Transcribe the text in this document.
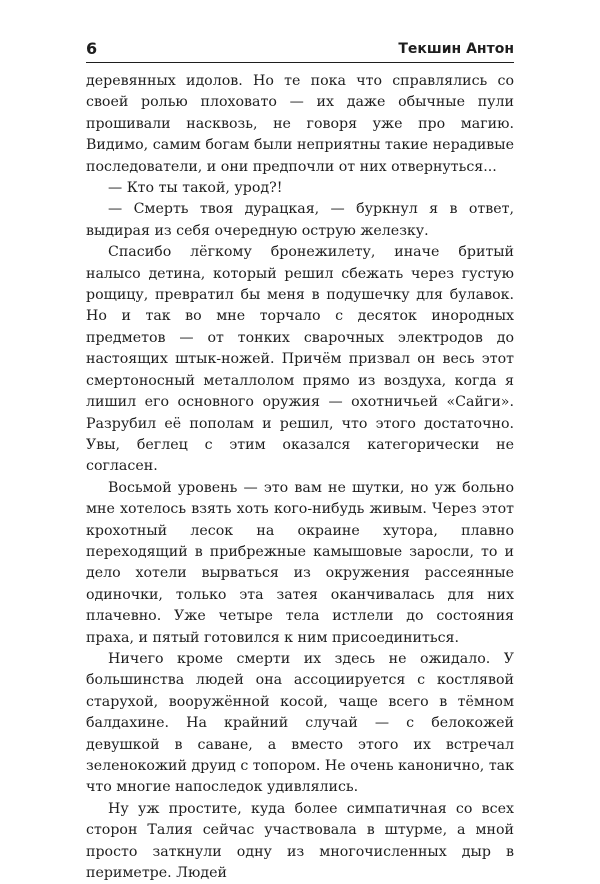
6	Текшин Антон

деревянных идолов. Но те пока что справлялись со своей ролью плоховато — их даже обычные пули прошивали насквозь, не говоря уже про магию. Видимо, самим богам были неприятны такие нерадивые последователи, и они предпочли от них отвернуться...

— Кто ты такой, урод?!

— Смерть твоя дурацкая, — буркнул я в ответ, выдирая из себя очередную острую железку.

Спасибо лёгкому бронежилету, иначе бритый налысо детина, который решил сбежать через густую рощицу, превратил бы меня в подушечку для булавок. Но и так во мне торчало с десяток инородных предметов — от тонких сварочных электродов до настоящих штык-ножей. Причём призвал он весь этот смертоносный металлолом прямо из воздуха, когда я лишил его основного оружия — охотничьей «Сайги». Разрубил её пополам и решил, что этого достаточно. Увы, беглец с этим оказался категорически не согласен.

Восьмой уровень — это вам не шутки, но уж больно мне хотелось взять хоть кого-нибудь живым. Через этот крохотный лесок на окраине хутора, плавно переходящий в прибрежные камышовые заросли, то и дело хотели вырваться из окружения рассеянные одиночки, только эта затея оканчивалась для них плачевно. Уже четыре тела истлели до состояния праха, и пятый готовился к ним присоединиться.

Ничего кроме смерти их здесь не ожидало. У большинства людей она ассоциируется с костлявой старухой, вооружённой косой, чаще всего в тёмном балдахине. На крайний случай — с белокожей девушкой в саване, а вместо этого их встречал зеленокожий друид с топором. Не очень канонично, так что многие напоследок удивлялись.

Ну уж простите, куда более симпатичная со всех сторон Талия сейчас участвовала в штурме, а мной просто заткнули одну из многочисленных дыр в периметре. Людей
